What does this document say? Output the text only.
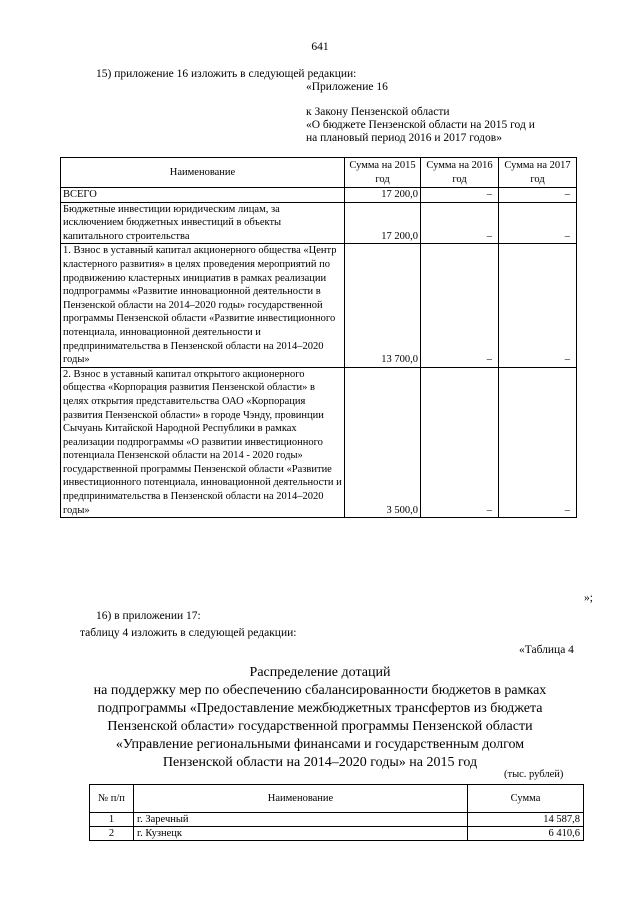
641
15) приложение 16 изложить в следующей редакции:
«Приложение 16
к Закону Пензенской области
«О бюджете Пензенской области на 2015 год и
на плановый период 2016 и 2017 годов»
Наименование	Сумма на 2015 год	Сумма на 2016 год	Сумма на 2017 год
ВСЕГО	17 200,0	–	–
Бюджетные инвестиции юридическим лицам, за исключением бюджетных инвестиций в объекты капитального строительства	17 200,0	–	–
1. Взнос в уставный капитал акционерного общества «Центр кластерного развития» в целях проведения мероприятий по продвижению кластерных инициатив в рамках реализации подпрограммы «Развитие инновационной деятельности в Пензенской области на 2014–2020 годы» государственной программы Пензенской области «Развитие инвестиционного потенциала, инновационной деятельности и предпринимательства в Пензенской области на 2014–2020 годы»	13 700,0	–	–
2. Взнос в уставный капитал открытого акционерного общества «Корпорация развития Пензенской области» в целях открытия представительства ОАО «Корпорация развития Пензенской области» в городе Чэнду, провинции Сычуань Китайской Народной Республики в рамках реализации подпрограммы «О развитии инвестиционного потенциала Пензенской области на 2014 - 2020 годы» государственной программы Пензенской области «Развитие инвестиционного потенциала, инновационной деятельности и предпринимательства в Пензенской области на 2014–2020 годы»	3 500,0	–	–
»;
16) в приложении 17:
таблицу 4 изложить в следующей редакции:
«Таблица 4
Распределение дотаций
на поддержку мер по обеспечению сбалансированности бюджетов в рамках
подпрограммы «Предоставление межбюджетных трансфертов из бюджета
Пензенской области» государственной программы Пензенской области
«Управление региональными финансами и государственным долгом
Пензенской области на 2014–2020 годы» на 2015 год
(тыс. рублей)
№ п/п	Наименование	Сумма
1	г. Заречный	14 587,8
2	г. Кузнецк	6 410,6
